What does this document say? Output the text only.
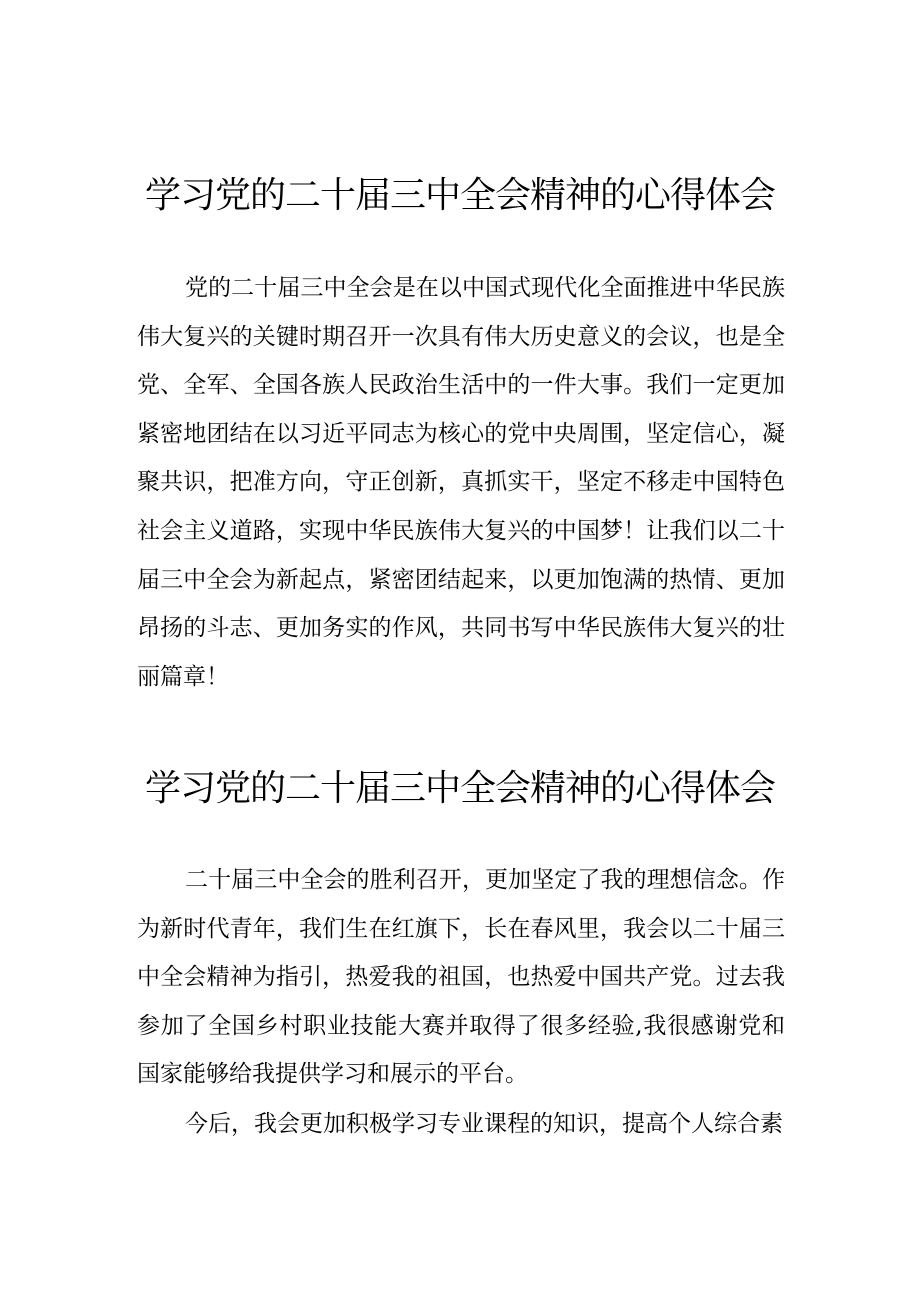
学习党的二十届三中全会精神的心得体会

党的二十届三中全会是在以中国式现代化全面推进中华民族伟大复兴的关键时期召开一次具有伟大历史意义的会议，也是全党、全军、全国各族人民政治生活中的一件大事。我们一定更加紧密地团结在以习近平同志为核心的党中央周围，坚定信心，凝聚共识，把准方向，守正创新，真抓实干，坚定不移走中国特色社会主义道路，实现中华民族伟大复兴的中国梦！让我们以二十届三中全会为新起点，紧密团结起来，以更加饱满的热情、更加昂扬的斗志、更加务实的作风，共同书写中华民族伟大复兴的壮丽篇章！

学习党的二十届三中全会精神的心得体会

二十届三中全会的胜利召开，更加坚定了我的理想信念。作为新时代青年，我们生在红旗下，长在春风里，我会以二十届三中全会精神为指引，热爱我的祖国，也热爱中国共产党。过去我参加了全国乡村职业技能大赛并取得了很多经验,我很感谢党和国家能够给我提供学习和展示的平台。

今后，我会更加积极学习专业课程的知识，提高个人综合素
